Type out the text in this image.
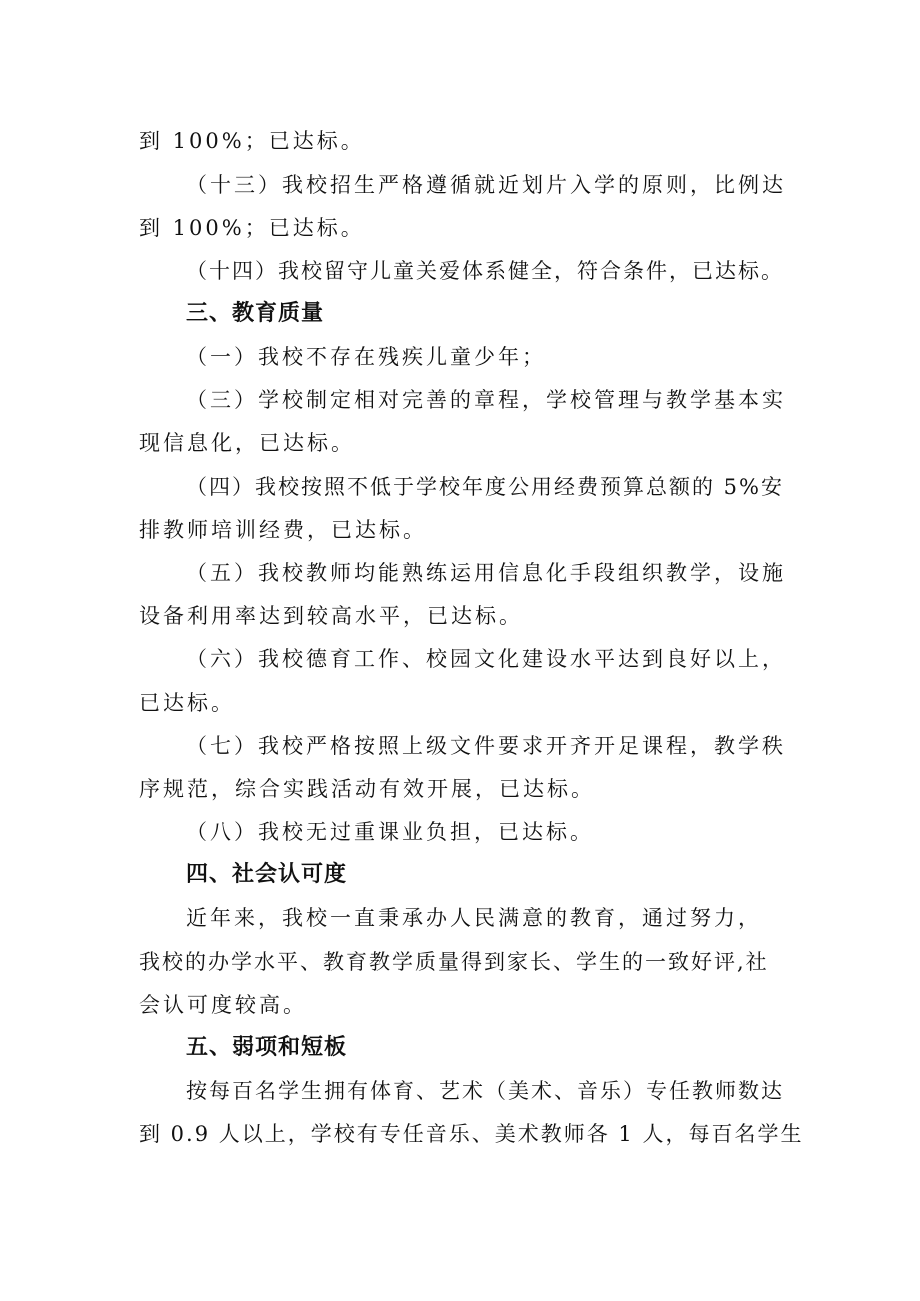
到 100%；已达标。
（十三）我校招生严格遵循就近划片入学的原则，比例达
到 100%；已达标。
（十四）我校留守儿童关爱体系健全，符合条件，已达标。
三、教育质量
（一）我校不存在残疾儿童少年；
（三）学校制定相对完善的章程，学校管理与教学基本实
现信息化，已达标。
（四）我校按照不低于学校年度公用经费预算总额的 5%安
排教师培训经费，已达标。
（五）我校教师均能熟练运用信息化手段组织教学，设施
设备利用率达到较高水平，已达标。
（六）我校德育工作、校园文化建设水平达到良好以上，
已达标。
（七）我校严格按照上级文件要求开齐开足课程，教学秩
序规范，综合实践活动有效开展，已达标。
（八）我校无过重课业负担，已达标。
四、社会认可度
近年来，我校一直秉承办人民满意的教育，通过努力，
我校的办学水平、教育教学质量得到家长、学生的一致好评,社
会认可度较高。
五、弱项和短板
按每百名学生拥有体育、艺术（美术、音乐）专任教师数达
到 0.9 人以上，学校有专任音乐、美术教师各 1 人，每百名学生
